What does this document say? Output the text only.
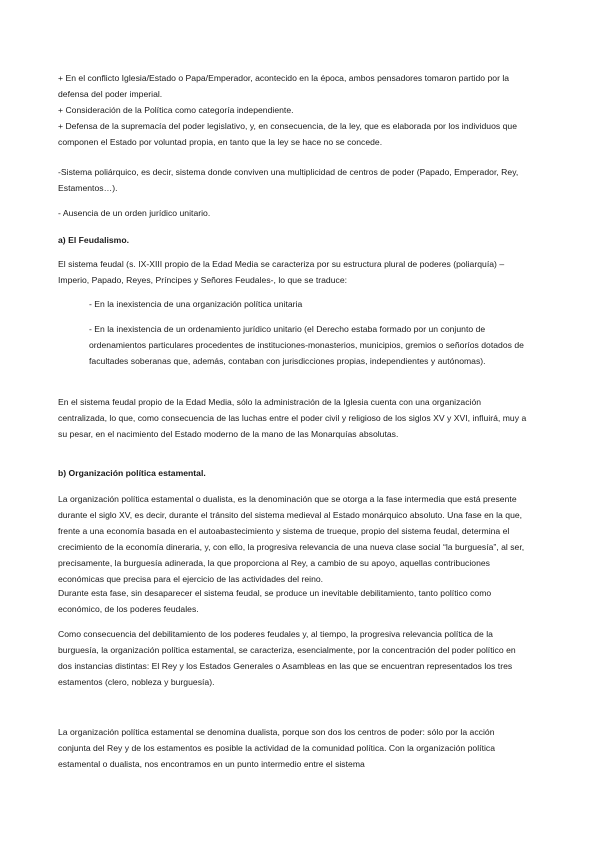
+ En el conflicto Iglesia/Estado o Papa/Emperador, acontecido en la época, ambos pensadores tomaron partido por la defensa del poder imperial.

+ Consideración de la Política como categoría independiente.

+ Defensa de la supremacía del poder legislativo, y, en consecuencia, de la ley, que es elaborada por los individuos que componen el Estado por voluntad propia, en tanto que la ley se hace no se concede.

-Sistema poliárquico, es decir, sistema donde conviven una multiplicidad de centros de poder (Papado, Emperador, Rey, Estamentos…).

- Ausencia de un orden jurídico unitario.

a) El Feudalismo.

El sistema feudal (s. IX-XIII propio de la Edad Media se caracteriza por su estructura plural de poderes (poliarquía) –Imperio, Papado, Reyes, Príncipes y Señores Feudales-, lo que se traduce:

- En la inexistencia de una organización política unitaria

- En la inexistencia de un ordenamiento jurídico unitario (el Derecho estaba formado por un conjunto de ordenamientos particulares procedentes de instituciones-monasterios, municipios, gremios o señoríos dotados de facultades soberanas que, además, contaban con jurisdicciones propias, independientes y autónomas).

En el sistema feudal propio de la Edad Media, sólo la administración de la Iglesia cuenta con una organización centralizada, lo que, como consecuencia de las luchas entre el poder civil y religioso de los siglos XV y XVI, influirá, muy a su pesar, en el nacimiento del Estado moderno de la mano de las Monarquías absolutas.

b) Organización política estamental.

La organización política estamental o dualista, es la denominación que se otorga a la fase intermedia que está presente durante el siglo XV, es decir, durante el tránsito del sistema medieval al Estado monárquico absoluto. Una fase en la que, frente a una economía basada en el autoabastecimiento y sistema de trueque, propio del sistema feudal, determina el crecimiento de la economía dineraria, y, con ello, la progresiva relevancia de una nueva clase social “la burguesía”, al ser, precisamente, la burguesía adinerada, la que proporciona al Rey, a cambio de su apoyo, aquellas contribuciones económicas que precisa para el ejercicio de las actividades del reino.

Durante esta fase, sin desaparecer el sistema feudal, se produce un inevitable debilitamiento, tanto político como económico, de los poderes feudales.

Como consecuencia del debilitamiento de los poderes feudales y, al tiempo, la progresiva relevancia política de la burguesía, la organización política estamental, se caracteriza, esencialmente, por la concentración del poder político en dos instancias distintas: El Rey y los Estados Generales o Asambleas en las que se encuentran representados los tres estamentos (clero, nobleza y burguesía).

La organización política estamental se denomina dualista, porque son dos los centros de poder: sólo por la acción conjunta del Rey y de los estamentos es posible la actividad de la comunidad política. Con la organización política estamental o dualista, nos encontramos en un punto intermedio entre el sistema
